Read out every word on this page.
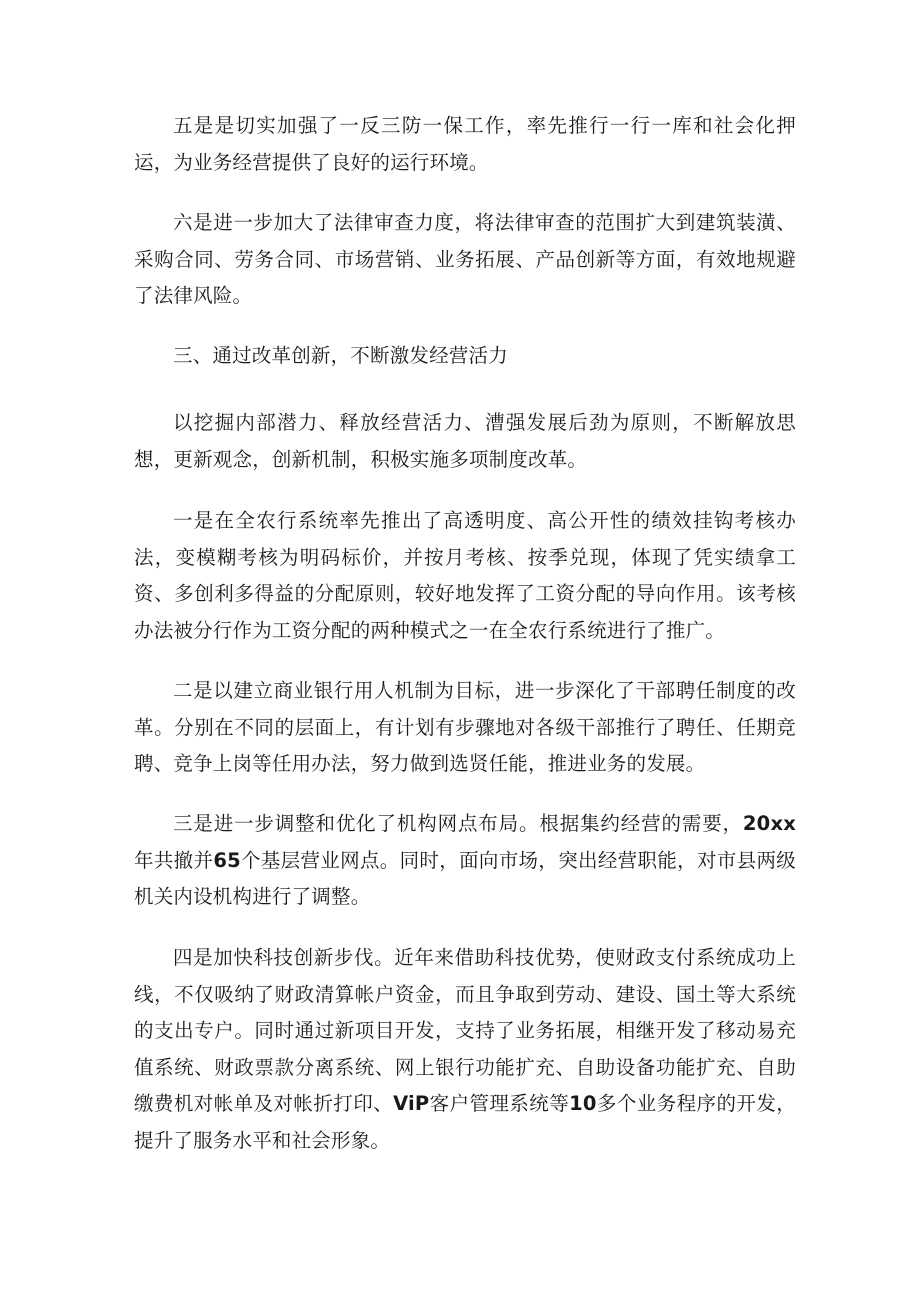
五是是切实加强了一反三防一保工作，率先推行一行一库和社会化押运，为业务经营提供了良好的运行环境。

六是进一步加大了法律审查力度，将法律审查的范围扩大到建筑装潢、采购合同、劳务合同、市场营销、业务拓展、产品创新等方面，有效地规避了法律风险。

三、通过改革创新，不断激发经营活力

以挖掘内部潜力、释放经营活力、漕强发展后劲为原则，不断解放思想，更新观念，创新机制，积极实施多项制度改革。

一是在全农行系统率先推出了高透明度、高公开性的绩效挂钩考核办法，变模糊考核为明码标价，并按月考核、按季兑现，体现了凭实绩拿工资、多创利多得益的分配原则，较好地发挥了工资分配的导向作用。该考核办法被分行作为工资分配的两种模式之一在全农行系统进行了推广。

二是以建立商业银行用人机制为目标，进一步深化了干部聘任制度的改革。分别在不同的层面上，有计划有步骤地对各级干部推行了聘任、任期竞聘、竞争上岗等任用办法，努力做到选贤任能，推进业务的发展。

三是进一步调整和优化了机构网点布局。根据集约经营的需要，20xx年共撤并65个基层营业网点。同时，面向市场，突出经营职能，对市县两级机关内设机构进行了调整。

四是加快科技创新步伐。近年来借助科技优势，使财政支付系统成功上线，不仅吸纳了财政清算帐户资金，而且争取到劳动、建设、国土等大系统的支出专户。同时通过新项目开发，支持了业务拓展，相继开发了移动易充值系统、财政票款分离系统、网上银行功能扩充、自助设备功能扩充、自助缴费机对帐单及对帐折打印、ViP客户管理系统等10多个业务程序的开发，提升了服务水平和社会形象。
